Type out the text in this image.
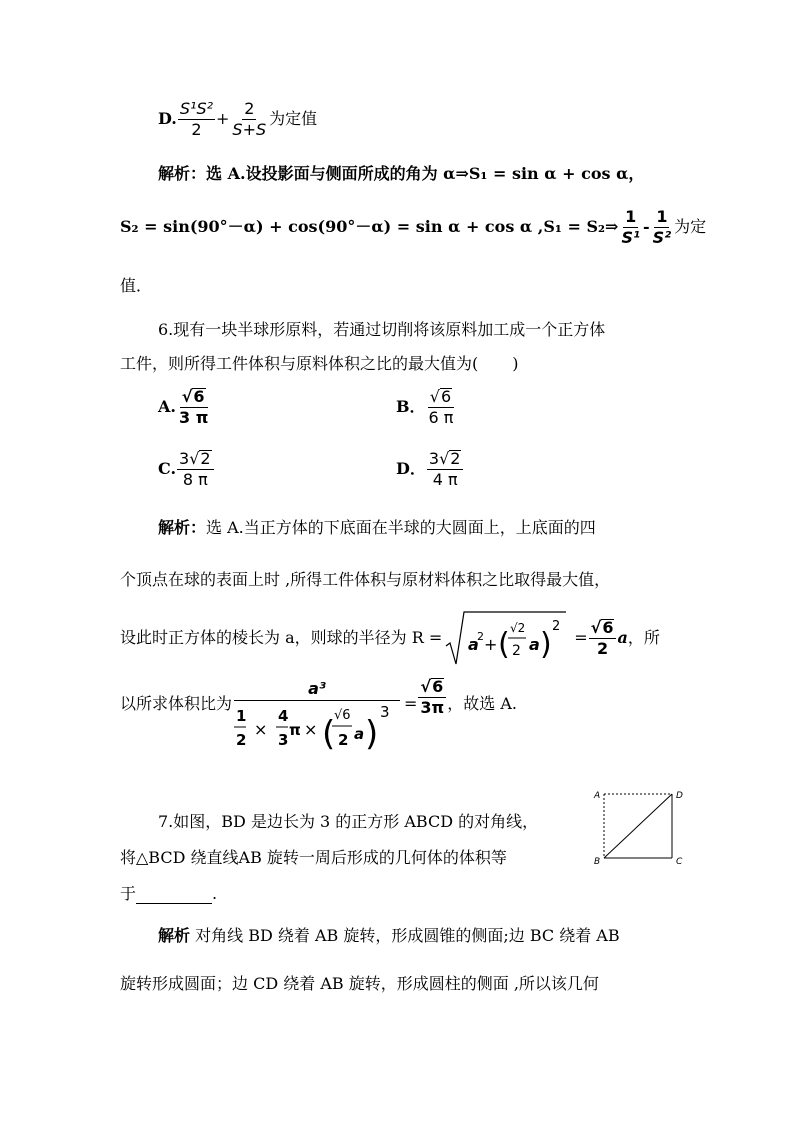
D. $\frac{\text{S¹S²}}{2} + \frac{2}{S+S}$ 为定值
解析：选 A.设投影面与侧面所成的角为 α⇒S₁ = sin α + cos α，
S₂ = sin(90°－α) + cos(90°－α) = sin α + cos α ,S₁ = S₂⇒ $\frac{1}{\text{S¹}} - \frac{1}{\text{S²}}$ 为定
值．
6.现有一块半球形原料，若通过切削将该原料加工成一个正方体
工件，则所得工件体积与原料体积之比的最大值为( )
A. $\frac{√ 6}{3 \pi}$	B． $\frac{√ 6}{6 \pi}$
C. $\frac{3 √ 2}{8 \pi}$	D． $\frac{3 √ 2}{4 \pi}$
解析：选 A.当正方体的下底面在半球的大圆面上，上底面的四
个顶点在球的表面上时 ,所得工件体积与原材料体积之比取得最大值，
设此时正方体的棱长为 a，则球的半径为 R = a
2 + ( √2
2 a )
2
= $\frac{√ 6}{2}$ a ，所
以所求体积比为
a³
1
2
×
4
3
π × (
√6
2 a )
$3 = \frac{√ 6}{3\pi}$ ，故选 A.
7.如图，BD 是边长为 3 的正方形 ABCD 的对角线，
将△BCD 绕直线AB 旋转一周后形成的几何体的体积等
于	.
A	D
B	C
解析 对角线 BD 绕着 AB 旋转，形成圆锥的侧面;边 BC 绕着 AB
旋转形成圆面；边 CD 绕着 AB 旋转，形成圆柱的侧面 ,所以该几何
